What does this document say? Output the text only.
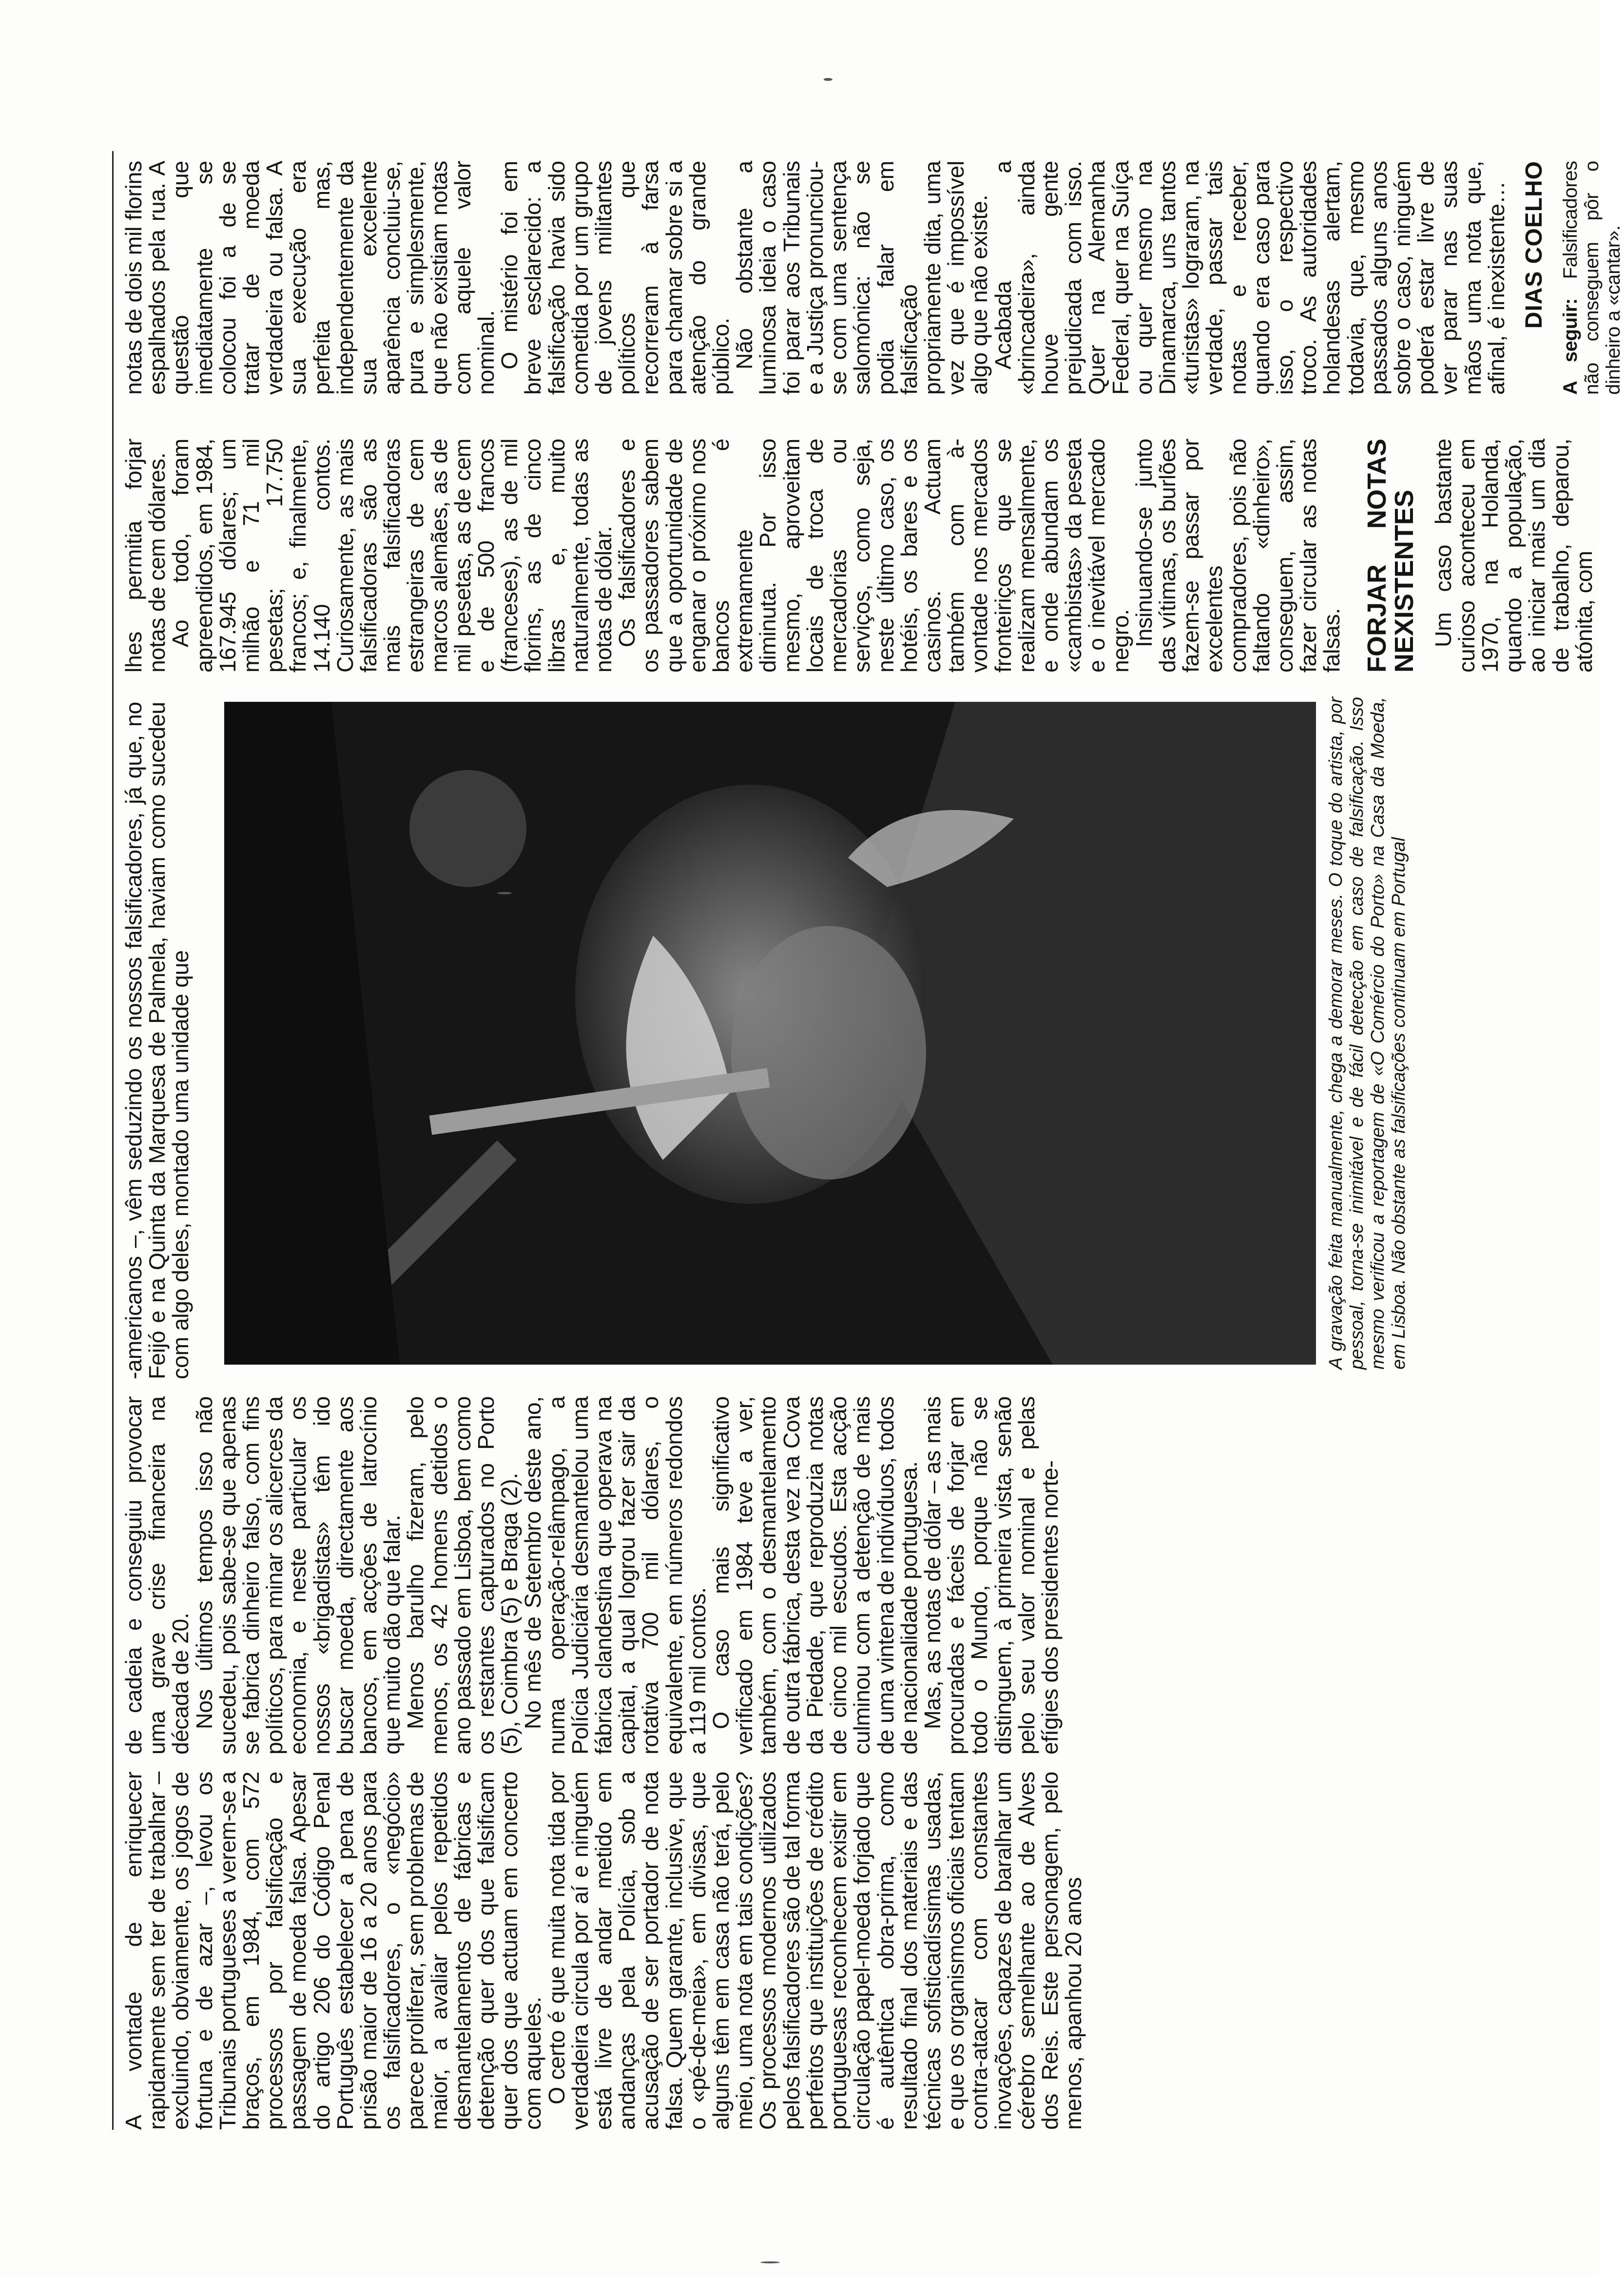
A vontade de enriquecer rapidamente sem ter de trabalhar – excluindo, obviamente, os jogos de fortuna e de azar –, levou os Tribunais portugueses a verem-se a braços, em 1984, com 572 processos por falsificação e passagem de moeda falsa. Apesar do artigo 206 do Código Penal Português estabelecer a pena de prisão maior de 16 a 20 anos para os falsificadores, o «negócio» parece proliferar, sem problemas de maior, a avaliar pelos repetidos desmantelamentos de fábricas e detenção quer dos que falsificam quer dos que actuam em concerto com aqueles.

O certo é que muita nota tida por verdadeira circula por aí e ninguém está livre de andar metido em andanças pela Polícia, sob a acusação de ser portador de nota falsa. Quem garante, inclusive, que o «pé-de-meia», em divisas, que alguns têm em casa não terá, pelo meio, uma nota em tais condições? Os processos modernos utilizados pelos falsificadores são de tal forma perfeitos que instituições de crédito portuguesas reconhecem existir em circulação papel-moeda forjado que é autêntica obra-prima, como resultado final dos materiais e das técnicas sofisticadíssimas usadas, e que os organismos oficiais tentam contra-atacar com constantes inovações, capazes de baralhar um cérebro semelhante ao de Alves dos Reis. Este personagem, pelo menos, apanhou 20 anos

de cadeia e conseguiu provocar uma grave crise financeira na década de 20.

Nos últimos tempos isso não sucedeu, pois sabe-se que apenas se fabrica dinheiro falso, com fins políticos, para minar os alicerces da economia, e neste particular os nossos «brigadistas» têm ido buscar moeda, directamente aos bancos, em acções de latrocínio que muito dão que falar.

Menos barulho fizeram, pelo menos, os 42 homens detidos o ano passado em Lisboa, bem como os restantes capturados no Porto (5), Coimbra (5) e Braga (2).

No mês de Setembro deste ano, numa operação-relâmpago, a Polícia Judiciária desmantelou uma fábrica clandestina que operava na capital, a qual logrou fazer sair da rotativa 700 mil dólares, o equivalente, em números redondos a 119 mil contos.

O caso mais significativo verificado em 1984 teve a ver, também, com o desmantelamento de outra fábrica, desta vez na Cova da Piedade, que reproduzia notas de cinco mil escudos. Esta acção culminou com a detenção de mais de uma vintena de indivíduos, todos de nacionalidade portuguesa.

Mas, as notas de dólar – as mais procuradas e fáceis de forjar em todo o Mundo, porque não se distinguem, à primeira vista, senão pelo seu valor nominal e pelas efígies dos presidentes norte-

-americanos –, vêm seduzindo os nossos falsificadores, já que, no Feijó e na Quinta da Marquesa de Palmela, haviam como sucedeu com algo deles, montado uma unidade que	A gravação feita manualmente, chega a demorar meses. O toque do artista, por pessoal, torna-se inimitável e de fácil detecção em caso de falsificação. Isso mesmo verificou a reportagem de «O Comércio do Porto» na Casa da Moeda, em Lisboa. Não obstante as falsificações continuam em Portugal

lhes permitia forjar notas de cem dólares.

Ao todo, foram apreendidos, em 1984, 167.945 dólares; um milhão e 71 mil pesetas; 17.750 francos; e, finalmente, 14.140 contos. Curiosamente, as mais falsificadoras são as mais falsificadoras estrangeiras de cem marcos alemães, as de mil pesetas, as de cem e de 500 francos (franceses), as de mil florins, as de cinco libras e, muito naturalmente, todas as notas de dólar.

Os falsificadores e os passadores sabem que a oportunidade de enganar o próximo nos bancos é extremamente diminuta. Por isso mesmo, aproveitam locais de troca de mercadorias ou serviços, como seja, neste último caso, os hotéis, os bares e os casinos. Actuam também com à-vontade nos mercados fronteiriços que se realizam mensalmente, e onde abundam os «cambistas» da peseta e o inevitável mercado negro.

Insinuando-se junto das vítimas, os burlões fazem-se passar por excelentes compradores, pois não faltando «dinheiro», conseguem, assim, fazer circular as notas falsas. FORJAR NOTAS NEXISTENTES Um caso bastante curioso aconteceu em 1970, na Holanda, quando a população, ao iniciar mais um dia de trabalho, deparou, atónita, com

notas de dois mil florins espalhados pela rua. A questão que imediatamente se colocou foi a de se tratar de moeda verdadeira ou falsa. A sua execução era perfeita mas, independentemente da sua excelente aparência concluiu-se, pura e simplesmente, que não existiam notas com aquele valor nominal.

O mistério foi em breve esclarecido: a falsificação havia sido cometida por um grupo de jovens militantes políticos que recorreram à farsa para chamar sobre si a atenção do grande público.

Não obstante a luminosa ideia o caso foi parar aos Tribunais e a Justiça pronunciou-se com uma sentença salomónica: não se podia falar em falsificação propriamente dita, uma vez que é impossível algo que não existe.

Acabada a «brincadeira», ainda houve gente prejudicada com isso. Quer na Alemanha Federal, quer na Suíça ou quer mesmo na Dinamarca, uns tantos «turistas» lograram, na verdade, passar tais notas e receber, quando era caso para isso, o respectivo troco. As autoridades holandesas alertam, todavia, que, mesmo passados alguns anos sobre o caso, ninguém poderá estar livre de ver parar nas suas mãos uma nota que, afinal, é inexistente… DIAS COELHO
A seguir: Falsificadores não conseguem pôr o dinheiro a «cantar».
